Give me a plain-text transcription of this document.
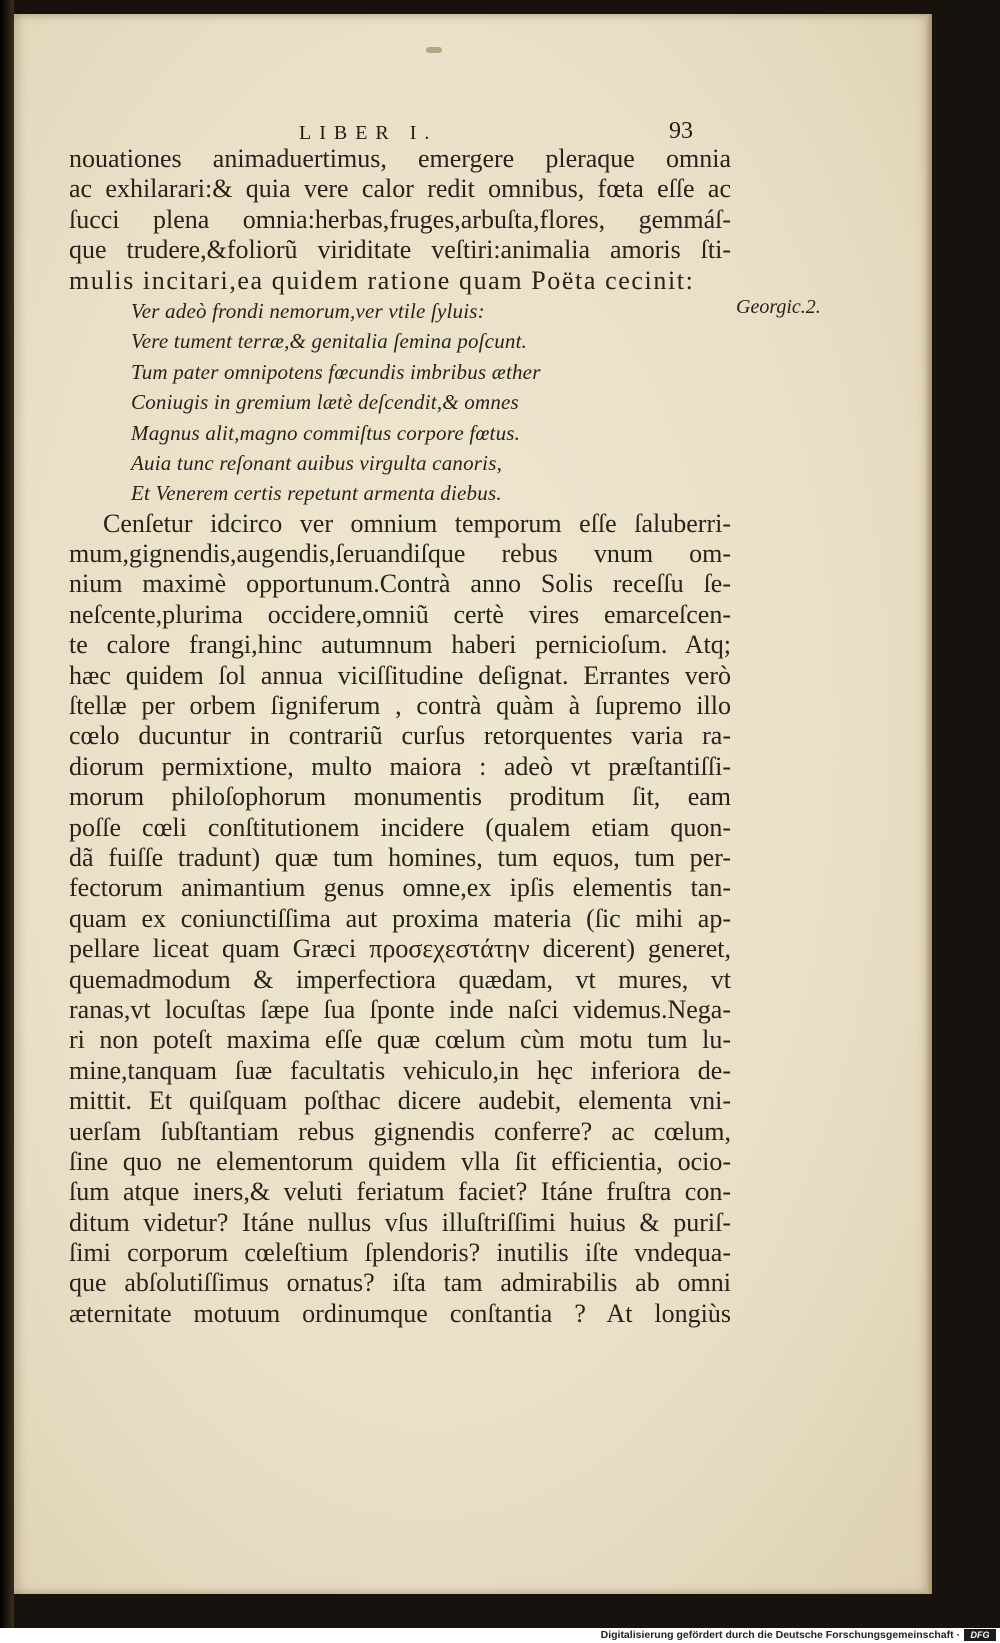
LIBER I.	93
nouationes animaduertimus, emergere pleraque omnia
ac exhilarari:& quia vere calor redit omnibus, fœta eſſe ac
ſucci plena omnia:herbas,fruges,arbuſta,flores, gemmáſ-
que trudere,&foliorũ viriditate veſtiri:animalia amoris ſti-
mulis incitari,ea quidem ratione quam Poëta cecinit:
Ver adeò frondi nemorum,ver vtile ſyluis:
Vere tument terræ,& genitalia ſemina poſcunt.
Tum pater omnipotens fœcundis imbribus æther
Coniugis in gremium lætè deſcendit,& omnes
Magnus alit,magno commiſtus corpore fœtus.
Auia tunc reſonant auibus virgulta canoris,
Et Venerem certis repetunt armenta diebus.
Cenſetur idcirco ver omnium temporum eſſe ſaluberri-
mum,gignendis,augendis,ſeruandiſque rebus vnum om-
nium maximè opportunum.Contrà anno Solis receſſu ſe-
neſcente,plurima occidere,omniũ certè vires emarceſcen-
te calore frangi,hinc autumnum haberi pernicioſum. Atq;
hæc quidem ſol annua viciſſitudine deſignat. Errantes verò
ſtellæ per orbem ſigniferum , contrà quàm à ſupremo illo
cœlo ducuntur in contrariũ curſus retorquentes varia ra-
diorum permixtione, multo maiora : adeò vt præſtantiſſi-
morum philoſophorum monumentis proditum ſit, eam
poſſe cœli conſtitutionem incidere (qualem etiam quon-
dã fuiſſe tradunt) quæ tum homines, tum equos, tum per-
fectorum animantium genus omne,ex ipſis elementis tan-
quam ex coniunctiſſima aut proxima materia (ſic mihi ap-
pellare liceat quam Græci προσεχεστάτην dicerent) generet,
quemadmodum & imperfectiora quædam, vt mures, vt
ranas,vt locuſtas ſæpe ſua ſponte inde naſci videmus.Nega-
ri non poteſt maxima eſſe quæ cœlum cùm motu tum lu-
mine,tanquam ſuæ facultatis vehiculo,in hęc inferiora de-
mittit. Et quiſquam poſthac dicere audebit, elementa vni-
uerſam ſubſtantiam rebus gignendis conferre? ac cœlum,
ſine quo ne elementorum quidem vlla ſit efficientia, ocio-
ſum atque iners,& veluti feriatum faciet? Itáne fruſtra con-
ditum videtur? Itáne nullus vſus illuſtriſſimi huius & puriſ-
ſimi corporum cœleſtium ſplendoris? inutilis iſte vndequa-
que abſolutiſſimus ornatus? iſta tam admirabilis ab omni
æternitate motuum ordinumque conſtantia ? At longiùs
Georgic.2.
Digitalisierung gefördert durch die Deutsche Forschungsgemeinschaft ·	DFG
